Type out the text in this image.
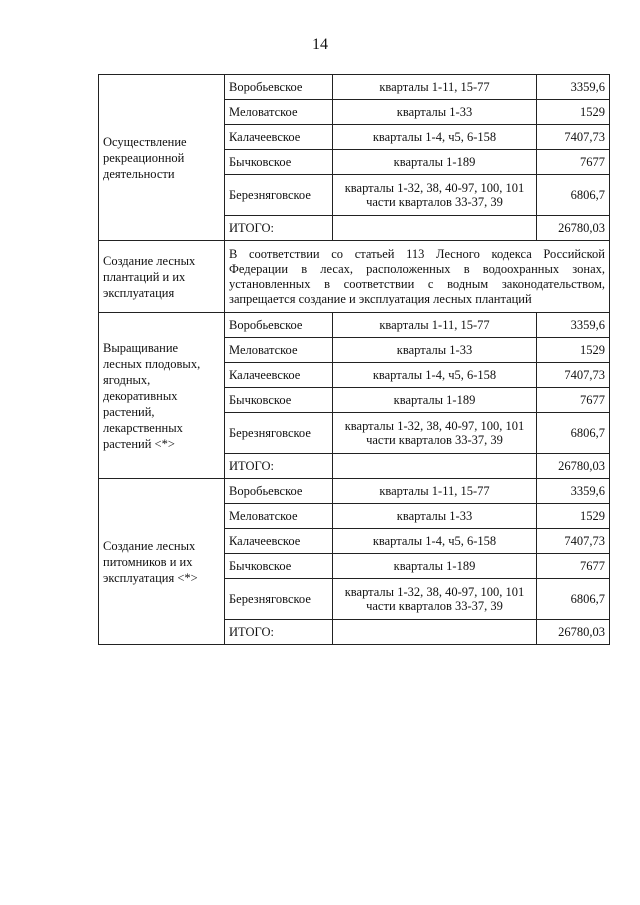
14
Осуществление рекреационной деятельности	Воробьевское	кварталы 1-11, 15-77	3359,6
	Меловатское	кварталы 1-33	1529
	Калачеевское	кварталы 1-4, ч5, 6-158	7407,73
	Бычковское	кварталы 1-189	7677
	Березняговское	кварталы 1-32, 38, 40-97, 100, 101 части кварталов 33-37, 39	6806,7
	ИТОГО:		26780,03
Создание лесных плантаций и их эксплуатация	В соответствии со статьей 113 Лесного кодекса Российской Федерации в лесах, расположенных в водоохранных зонах, установленных в соответствии с водным законодательством, запрещается создание и эксплуатация лесных плантаций		
Выращивание лесных плодовых, ягодных, декоративных растений, лекарственных растений <*>	Воробьевское	кварталы 1-11, 15-77	3359,6
	Меловатское	кварталы 1-33	1529
	Калачеевское	кварталы 1-4, ч5, 6-158	7407,73
	Бычковское	кварталы 1-189	7677
	Березняговское	кварталы 1-32, 38, 40-97, 100, 101 части кварталов 33-37, 39	6806,7
	ИТОГО:		26780,03
Создание лесных питомников и их эксплуатация <*>	Воробьевское	кварталы 1-11, 15-77	3359,6
	Меловатское	кварталы 1-33	1529
	Калачеевское	кварталы 1-4, ч5, 6-158	7407,73
	Бычковское	кварталы 1-189	7677
	Березняговское	кварталы 1-32, 38, 40-97, 100, 101 части кварталов 33-37, 39	6806,7
	ИТОГО:		26780,03
